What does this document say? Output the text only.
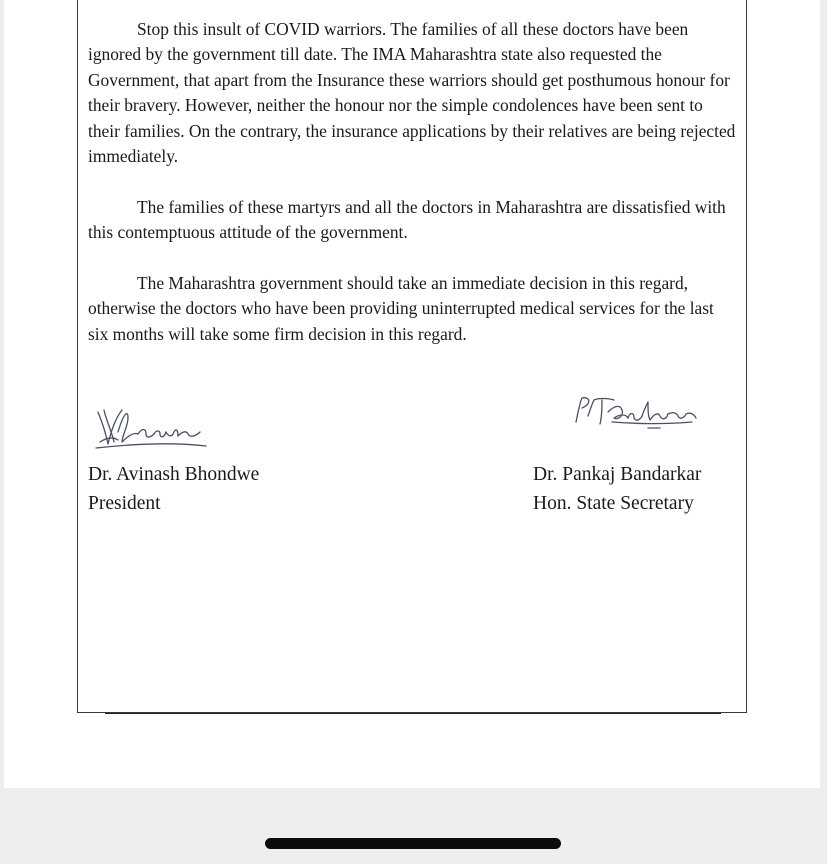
Stop this insult of COVID warriors. The families of all these doctors have been ignored by the government till date. The IMA Maharashtra state also requested the Government, that apart from the Insurance these warriors should get posthumous honour for their bravery. However, neither the honour nor the simple condolences have been sent to their families. On the contrary, the insurance applications by their relatives are being rejected immediately.

The families of these martyrs and all the doctors in Maharashtra are dissatisfied with this contemptuous attitude of the government.

The Maharashtra government should take an immediate decision in this regard, otherwise the doctors who have been providing uninterrupted medical services for the last six months will take some firm decision in this regard.

Dr. Avinash Bhondwe
President
Dr. Pankaj Bandarkar
Hon. State Secretary
